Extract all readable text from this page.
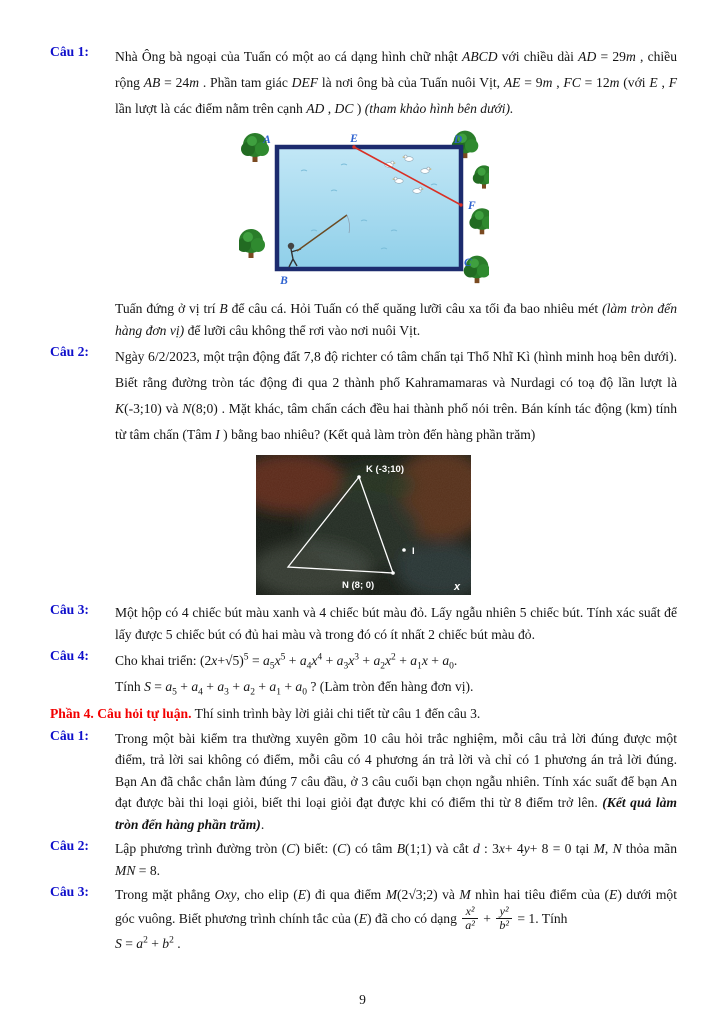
Câu 1:	Nhà Ông bà ngoại của Tuấn có một ao cá dạng hình chữ nhật ABCD với chiều dài AD = 29m , chiều rộng AB = 24m . Phần tam giác DEF là nơi ông bà của Tuấn nuôi Vịt, AE = 9m , FC = 12m (với E , F lần lượt là các điểm nằm trên cạnh AD , DC ) (tham khảo hình bên dưới).
A	E	D
F
B
C
Tuấn đứng ở vị trí B để câu cá. Hỏi Tuấn có thể quăng lưỡi câu xa tối đa bao nhiêu mét (làm tròn đến hàng đơn vị) để lưỡi câu không thể rơi vào nơi nuôi Vịt.
Câu 2:	Ngày 6/2/2023, một trận động đất 7,8 độ richter có tâm chấn tại Thổ Nhĩ Kì (hình minh hoạ bên dưới). Biết rằng đường tròn tác động đi qua 2 thành phố Kahramamaras và Nurdagi có toạ độ lần lượt là K(-3;10) và N(8;0) . Mặt khác, tâm chấn cách đều hai thành phố nói trên. Bán kính tác động (km) tính từ tâm chấn (Tâm I ) bằng bao nhiêu? (Kết quả làm tròn đến hàng phần trăm)
K (-3;10)
I
N (8; 0)	x
Câu 3:	Một hộp có 4 chiếc bút màu xanh và 4 chiếc bút màu đỏ. Lấy ngẫu nhiên 5 chiếc bút. Tính xác suất để lấy được 5 chiếc bút có đủ hai màu và trong đó có ít nhất 2 chiếc bút màu đỏ.
Câu 4:	Cho khai triển: $(2x+√5)^5 = a_5x^5 + a_4x^4 + a_3x^3 + a_2x^2 + a_1x + a_0$.

Tính $S = a_5 + a_4 + a_3 + a_2 + a_1 + a_0$ ? (Làm tròn đến hàng đơn vị).

Phần 4. Câu hỏi tự luận. Thí sinh trình bày lời giải chi tiết từ câu 1 đến câu 3.

Câu 1:	Trong một bài kiểm tra thường xuyên gồm 10 câu hỏi trắc nghiệm, mỗi câu trả lời đúng được một điểm, trả lời sai không có điểm, mỗi câu có 4 phương án trả lời và chỉ có 1 phương án trả lời đúng. Bạn An đã chắc chắn làm đúng 7 câu đầu, ở 3 câu cuối bạn chọn ngẫu nhiên. Tính xác suất để bạn An đạt được bài thi loại giỏi, biết thi loại giỏi đạt được khi có điểm thi từ 8 điểm trở lên. (Kết quả làm tròn đến hàng phần trăm).
Câu 2:	Lập phương trình đường tròn (C) biết: (C) có tâm B(1;1) và cắt d : 3x+ 4y+ 8 = 0 tại M, N thỏa mãn MN = 8.
Câu 3:	Trong mặt phẳng Oxy, cho elip (E) đi qua điểm M(2√3;2) và M nhìn hai tiêu điểm của (E) dưới một góc vuông. Biết phương trình chính tắc của (E) đã cho có dạng $\frac{\text{x²}}{\text{a²}} + \frac{\text{y²}}{\text{b²}} = 1$. Tính

$S = a^2 + b^2$ .

9
